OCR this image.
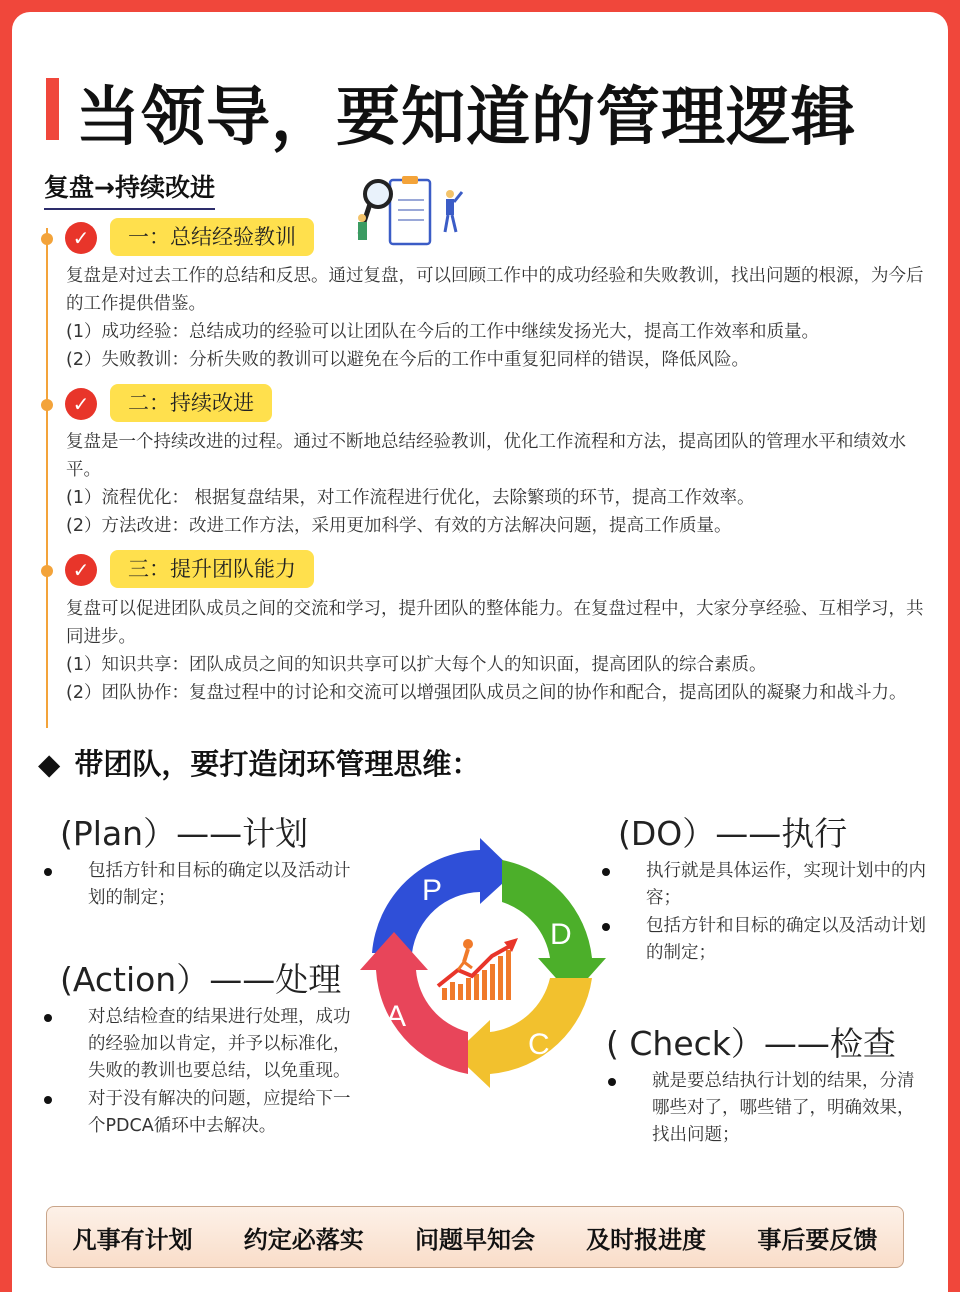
当领导，要知道的管理逻辑
复盘→持续改进
✓	一：总结经验教训

复盘是对过去工作的总结和反思。通过复盘，可以回顾工作中的成功经验和失败教训，找出问题的根源，为今后的工作提供借鉴。

(1）成功经验：总结成功的经验可以让团队在今后的工作中继续发扬光大，提高工作效率和质量。

(2）失败教训：分析失败的教训可以避免在今后的工作中重复犯同样的错误，降低风险。

✓	二：持续改进

复盘是一个持续改进的过程。通过不断地总结经验教训，优化工作流程和方法，提高团队的管理水平和绩效水平。

(1）流程优化： 根据复盘结果，对工作流程进行优化，去除繁琐的环节，提高工作效率。

(2）方法改进：改进工作方法，采用更加科学、有效的方法解决问题，提高工作质量。

✓	三：提升团队能力

复盘可以促进团队成员之间的交流和学习，提升团队的整体能力。在复盘过程中，大家分享经验、互相学习，共同进步。

(1）知识共享：团队成员之间的知识共享可以扩大每个人的知识面，提高团队的综合素质。

(2）团队协作：复盘过程中的讨论和交流可以增强团队成员之间的协作和配合，提高团队的凝聚力和战斗力。

◆ 带团队，要打造闭环管理思维：
(Plan）——计划
包括方针和目标的确定以及活动计划的制定；
(DO）——执行
执行就是具体运作，实现计划中的内容；
包括方针和目标的确定以及活动计划的制定；
(Action）——处理
对总结检查的结果进行处理，成功的经验加以肯定，并予以标准化，失败的教训也要总结，以免重现。
对于没有解决的问题，应提给下一个PDCA循环中去解决。
( Check）——检查
就是要总结执行计划的结果，分清哪些对了，哪些错了，明确效果，找出问题；
P
D
C
A
凡事有计划 约定必落实 问题早知会 及时报进度 事后要反馈
